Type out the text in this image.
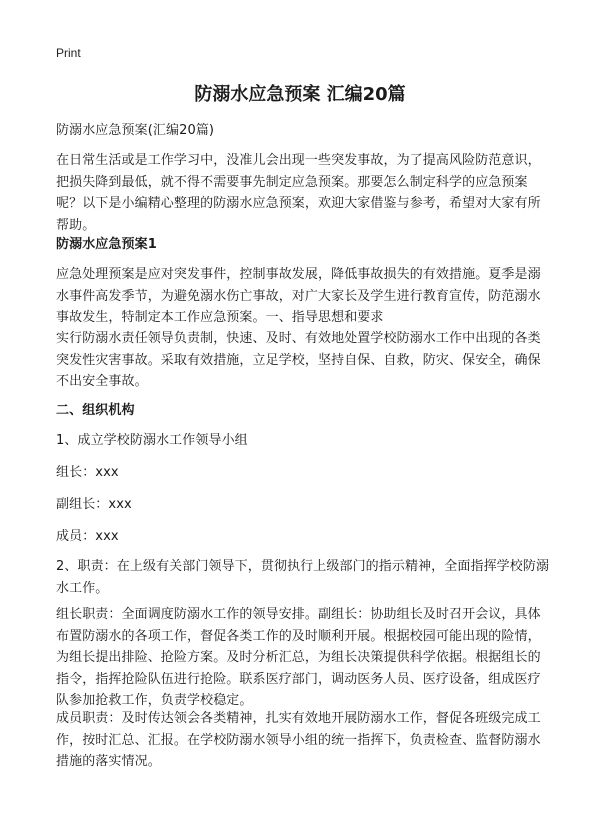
Print
防溺水应急预案 汇编20篇
防溺水应急预案(汇编20篇)
在日常生活或是工作学习中，没准儿会出现一些突发事故，为了提高风险防范意识，把损失降到最低，就不得不需要事先制定应急预案。那要怎么制定科学的应急预案呢？以下是小编精心整理的防溺水应急预案，欢迎大家借鉴与参考，希望对大家有所帮助。
防溺水应急预案1
应急处理预案是应对突发事件，控制事故发展，降低事故损失的有效措施。夏季是溺水事件高发季节，为避免溺水伤亡事故，对广大家长及学生进行教育宣传，防范溺水事故发生，特制定本工作应急预案。一、指导思想和要求
实行防溺水责任领导负责制，快速、及时、有效地处置学校防溺水工作中出现的各类突发性灾害事故。采取有效措施，立足学校，坚持自保、自救，防灾、保安全，确保不出安全事故。
二、组织机构
1、成立学校防溺水工作领导小组
组长：xxx
副组长：xxx
成员：xxx
2、职责：在上级有关部门领导下，贯彻执行上级部门的指示精神，全面指挥学校防溺水工作。
组长职责：全面调度防溺水工作的领导安排。副组长：协助组长及时召开会议，具体布置防溺水的各项工作，督促各类工作的及时顺利开展。根据校园可能出现的险情，为组长提出排险、抢险方案。及时分析汇总，为组长决策提供科学依据。根据组长的 指令，指挥抢险队伍进行抢险。联系医疗部门，调动医务人员、医疗设备，组成医疗队参加抢救工作，负责学校稳定。
成员职责：及时传达领会各类精神，扎实有效地开展防溺水工作，督促各班级完成工作，按时汇总、汇报。在学校防溺水领导小组的统一指挥下，负责检查、监督防溺水措施的落实情况。
